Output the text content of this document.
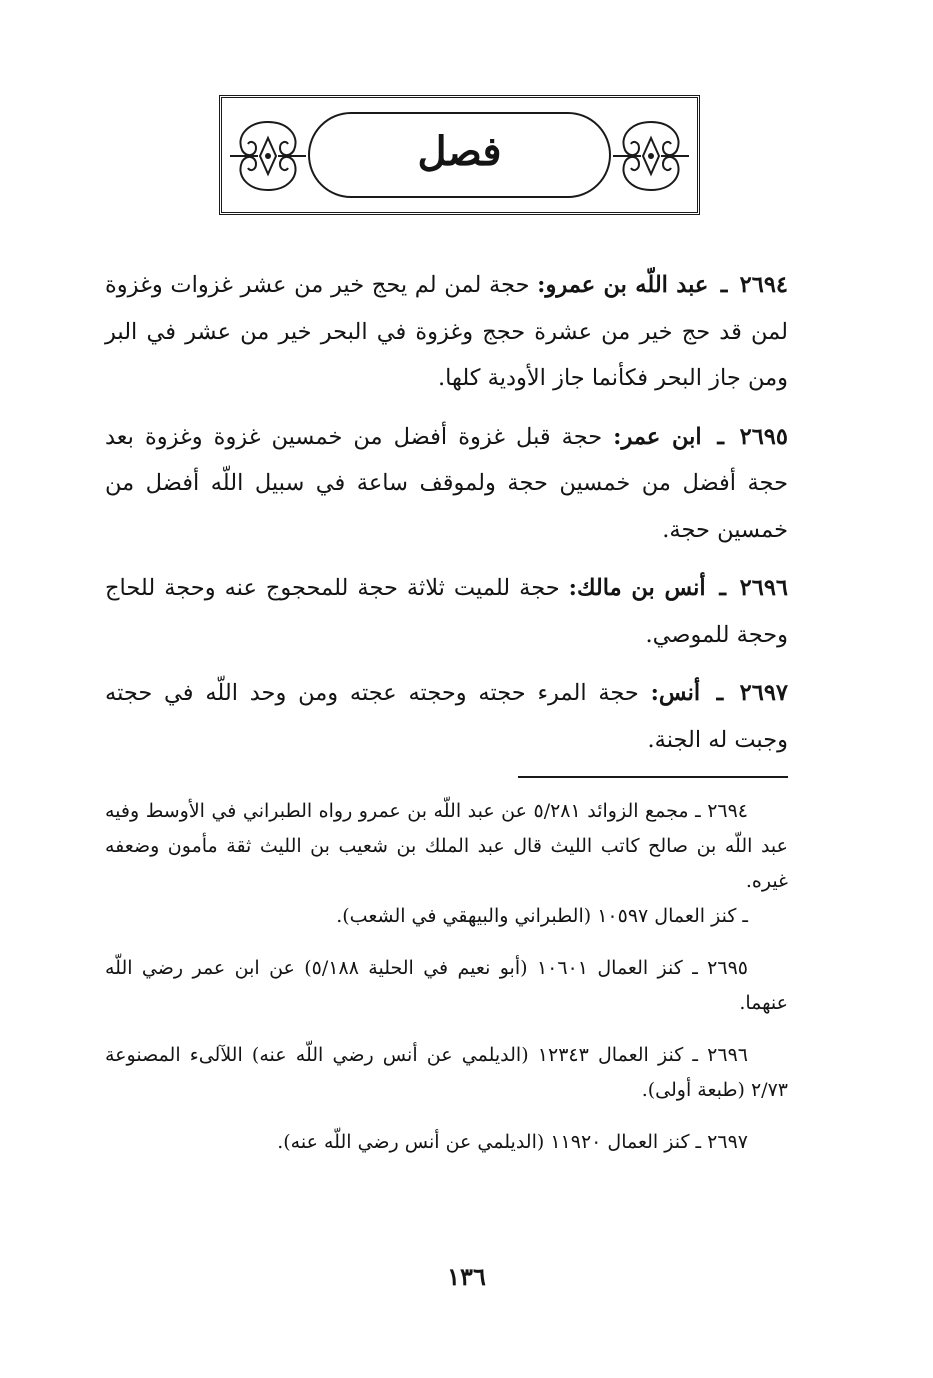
فصل

٢٦٩٤ ـ عبد اللّه بن عمرو: حجة لمن لم يحج خير من عشر غزوات وغزوة لمن قد حج خير من عشرة حجج وغزوة في البحر خير من عشر في البر ومن جاز البحر فكأنما جاز الأودية كلها.

٢٦٩٥ ـ ابن عمر: حجة قبل غزوة أفضل من خمسين غزوة وغزوة بعد حجة أفضل من خمسين حجة ولموقف ساعة في سبيل اللّه أفضل من خمسين حجة.

٢٦٩٦ ـ أنس بن مالك: حجة للميت ثلاثة حجة للمحجوج عنه وحجة للحاج وحجة للموصي.

٢٦٩٧ ـ أنس: حجة المرء حجته وحجته عجته ومن وحد اللّه في حجته وجبت له الجنة.

٢٦٩٤ ـ مجمع الزوائد ٥/٢٨١ عن عبد اللّه بن عمرو رواه الطبراني في الأوسط وفيه عبد اللّه بن صالح كاتب الليث قال عبد الملك بن شعيب بن الليث ثقة مأمون وضعفه غيره.
ـ كنز العمال ١٠٥٩٧ (الطبراني والبيهقي في الشعب).
٢٦٩٥ ـ كنز العمال ١٠٦٠١ (أبو نعيم في الحلية ٥/١٨٨) عن ابن عمر رضي اللّه عنهما.
٢٦٩٦ ـ كنز العمال ١٢٣٤٣ (الديلمي عن أنس رضي اللّه عنه) اللآلىء المصنوعة ٢/٧٣ (طبعة أولى).
٢٦٩٧ ـ كنز العمال ١١٩٢٠ (الديلمي عن أنس رضي اللّه عنه).
١٣٦
